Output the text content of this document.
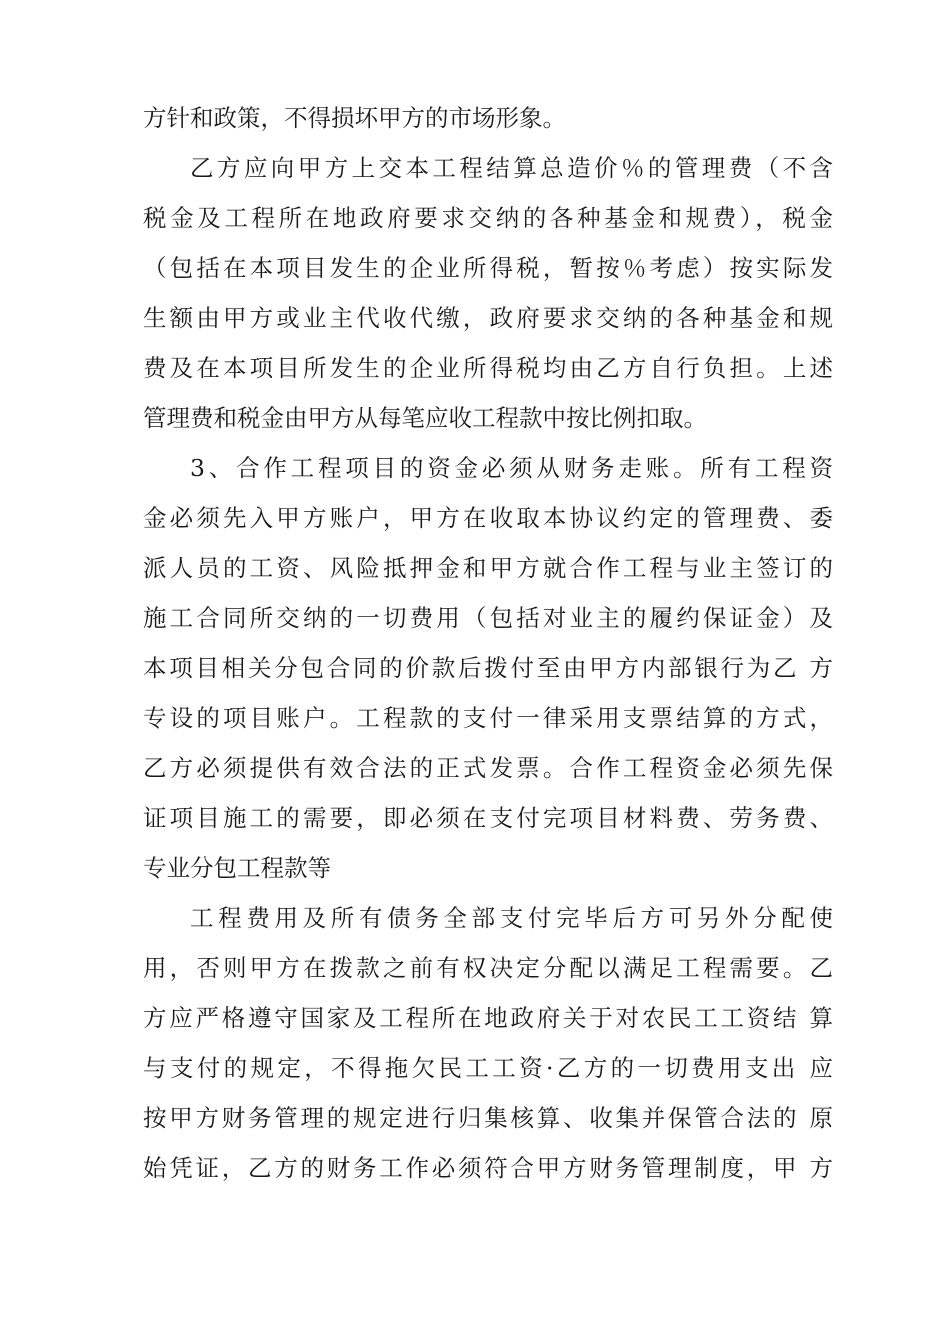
方针和政策，不得损坏甲方的市场形象。
乙方应向甲方上交本工程结算总造价％的管理费（不含
税金及工程所在地政府要求交纳的各种基金和规费），税金
（包括在本项目发生的企业所得税，暂按％考虑）按实际发
生额由甲方或业主代收代缴，政府要求交纳的各种基金和规
费及在本项目所发生的企业所得税均由乙方自行负担。上述
管理费和税金由甲方从每笔应收工程款中按比例扣取。
3、合作工程项目的资金必须从财务走账。所有工程资
金必须先入甲方账户，甲方在收取本协议约定的管理费、委
派人员的工资、风险抵押金和甲方就合作工程与业主签订的
施工合同所交纳的一切费用（包括对业主的履约保证金）及
本项目相关分包合同的价款后拨付至由甲方内部银行为乙 方
专设的项目账户。工程款的支付一律采用支票结算的方式，
乙方必须提供有效合法的正式发票。合作工程资金必须先保
证项目施工的需要，即必须在支付完项目材料费、劳务费、
专业分包工程款等
工程费用及所有债务全部支付完毕后方可另外分配使
用，否则甲方在拨款之前有权决定分配以满足工程需要。乙
方应严格遵守国家及工程所在地政府关于对农民工工资结 算
与支付的规定，不得拖欠民工工资·乙方的一切费用支出 应
按甲方财务管理的规定进行归集核算、收集并保管合法的 原
始凭证，乙方的财务工作必须符合甲方财务管理制度，甲 方
